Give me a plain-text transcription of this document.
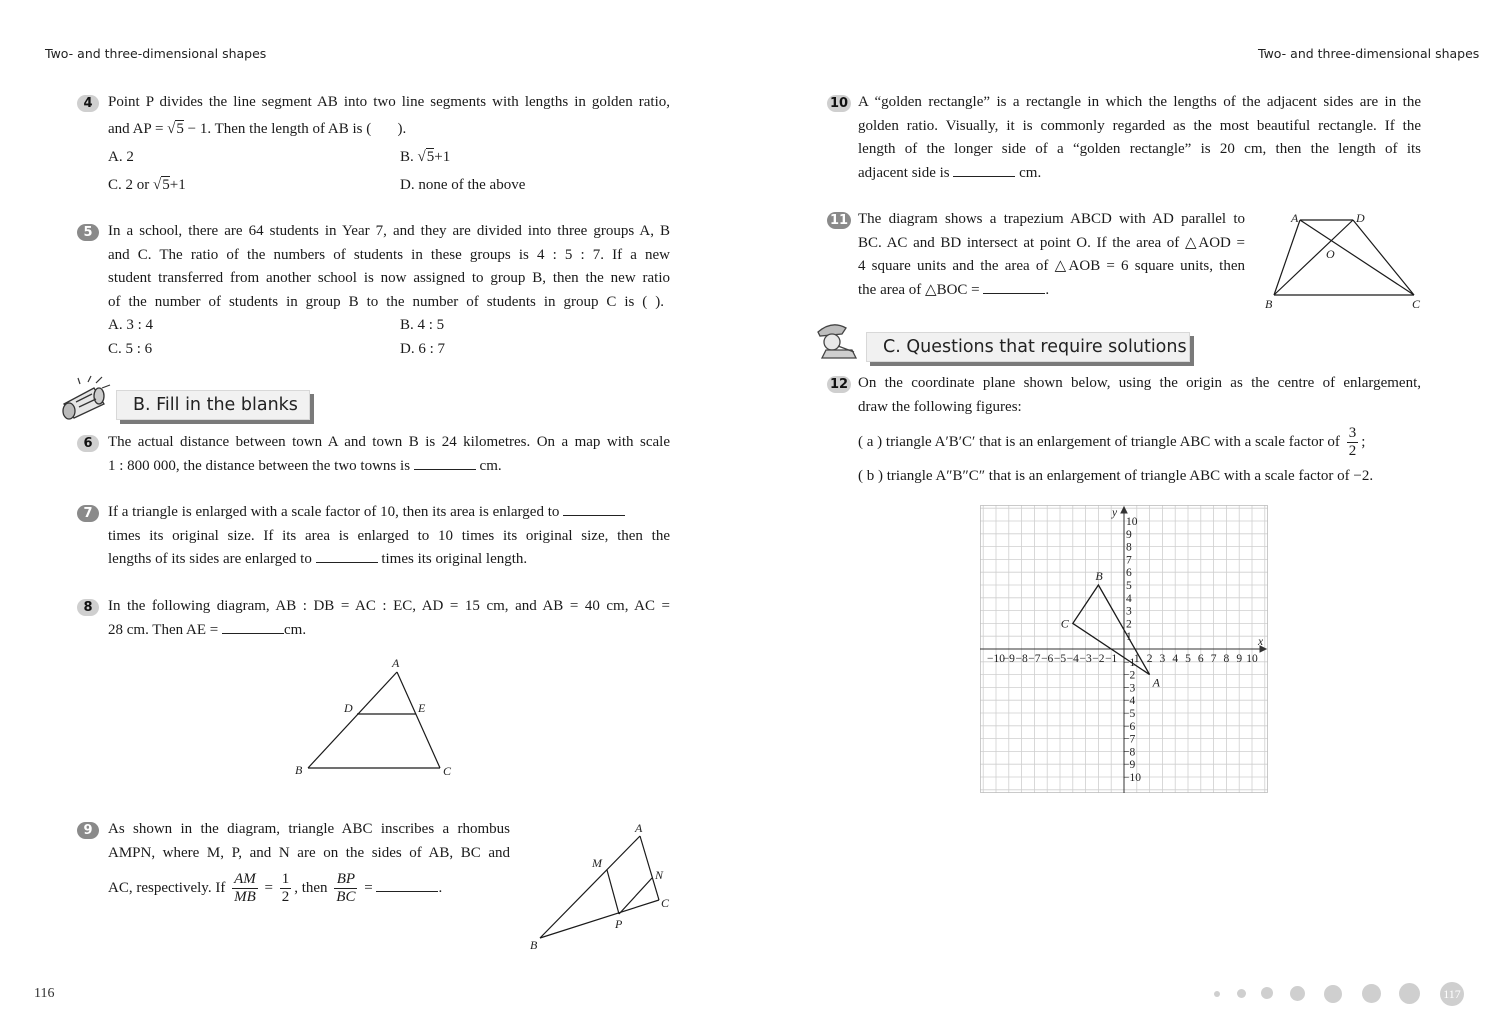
Two- and three-dimensional shapes	Two- and three-dimensional shapes
4	Point P divides the line segment AB into two line segments with lengths in golden ratio,
and AP = √5 − 1. Then the length of AB is ( ).
A. 2	B. √5+1
C. 2 or √5+1	D. none of the above
5	In a school, there are 64 students in Year 7, and they are divided into three groups A, B
and C. The ratio of the numbers of students in these groups is 4 : 5 : 7. If a new
student transferred from another school is now assigned to group B, then the new ratio
of the number of students in group B to the number of students in group C is ( ).
A. 3 : 4	B. 4 : 5
C. 5 : 6	D. 6 : 7
B. Fill in the blanks
6	The actual distance between town A and town B is 24 kilometres. On a map with scale
1 : 800 000, the distance between the two towns is	cm.
7	If a triangle is enlarged with a scale factor of 10, then its area is enlarged to
times its original size. If its area is enlarged to 10 times its original size, then the
lengths of its sides are enlarged to	times its original length.
8	In the following diagram, AB : DB = AC : EC, AD = 15 cm, and AB = 40 cm, AC =
28 cm. Then AE =	cm.
A
B	C
D	E
9	As shown in the diagram, triangle ABC inscribes a rhombus
AMPN, where M, P, and N are on the sides of AB, BC and
AC, respectively. If $\frac{AM}{MB} = \frac{1}{2}$ , then $\frac{BP}{BC}$ =	.
A
B
C
M
N
P
116
10 A “golden rectangle” is a rectangle in which the lengths of the adjacent sides are in the
golden ratio. Visually, it is commonly regarded as the most beautiful rectangle. If the
length of the longer side of a “golden rectangle” is 20 cm, then the length of its
adjacent side is	cm.
11 The diagram shows a trapezium ABCD with AD parallel to
BC. AC and BD intersect at point O. If the area of △AOD =
4 square units and the area of △AOB = 6 square units, then
the area of △BOC =	.
A	D
B	C
O
C. Questions that require solutions
12 On the coordinate plane shown below, using the origin as the centre of enlargement,
draw the following figures:
( a ) triangle A′B′C′ that is an enlargement of triangle ABC with a scale factor of $\frac{3}{2}$ ;
( b ) triangle A″B″C″ that is an enlargement of triangle ABC with a scale factor of −2.
−10
−9 −8 −7 −6 −5 −4 −3 −2 −1 1 2 3 4 5 6 7 8 9 10
1
2
3
4
5
6
7
8
9
10
−1
−2
−3
−4
−5
−6
−7
−8
−9
−10
x
y
A
B
C
117
